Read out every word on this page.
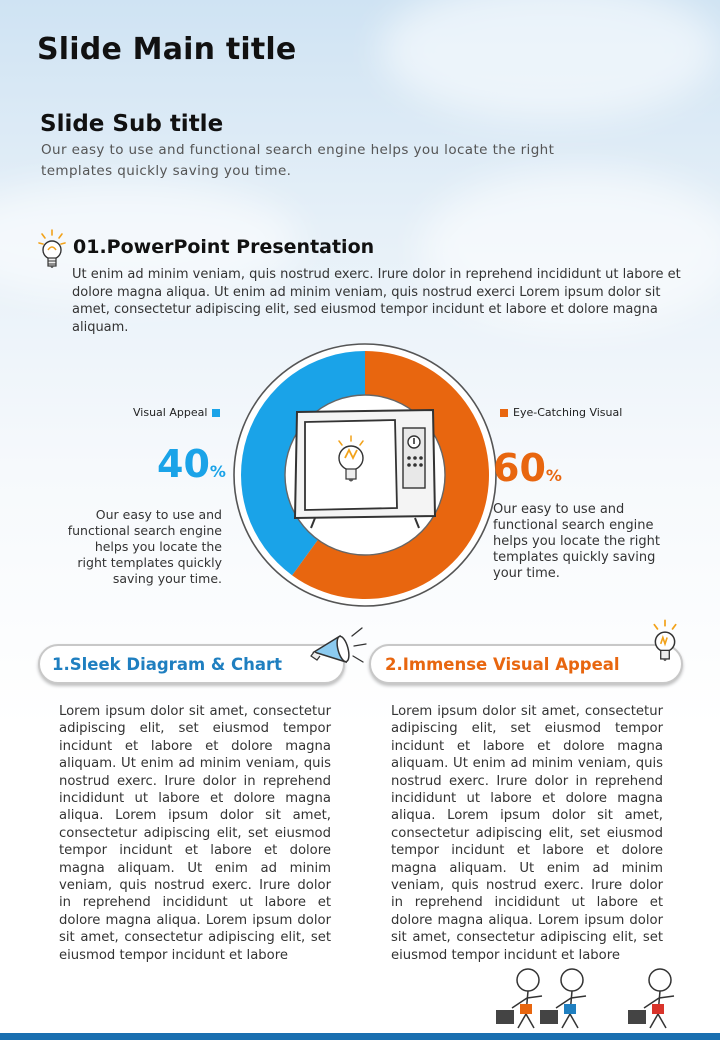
Slide Main title
Slide Sub title
Our easy to use and functional search engine helps you locate the right templates quickly saving you time.
01.PowerPoint Presentation
Ut enim ad minim veniam, quis nostrud exerc. Irure dolor in reprehend incididunt ut labore et dolore magna aliqua. Ut enim ad minim veniam, quis nostrud exerci Lorem ipsum dolor sit amet, consectetur adipiscing elit, sed eiusmod tempor incidunt et labore et dolore magna aliquam.
Visual Appeal
40%
Our easy to use and functional search engine helps you locate the right templates quickly saving your time.
Eye-Catching Visual
60%
Our easy to use and functional search engine helps you locate the right templates quickly saving your time.
1.Sleek Diagram & Chart	2.Immense Visual Appeal
Lorem ipsum dolor sit amet, consectetur adipiscing elit, set eiusmod tempor incidunt et labore et dolore magna aliquam. Ut enim ad minim veniam, quis nostrud exerc. Irure dolor in reprehend incididunt ut labore et dolore magna aliqua. Lorem ipsum dolor sit amet, consectetur adipiscing elit, set eiusmod tempor incidunt et labore et dolore magna aliquam. Ut enim ad minim veniam, quis nostrud exerc. Irure dolor in reprehend incididunt ut labore et dolore magna aliqua. Lorem ipsum dolor sit amet, consectetur adipiscing elit, set eiusmod tempor incidunt et labore
Lorem ipsum dolor sit amet, consectetur adipiscing elit, set eiusmod tempor incidunt et labore et dolore magna aliquam. Ut enim ad minim veniam, quis nostrud exerc. Irure dolor in reprehend incididunt ut labore et dolore magna aliqua. Lorem ipsum dolor sit amet, consectetur adipiscing elit, set eiusmod tempor incidunt et labore et dolore magna aliquam. Ut enim ad minim veniam, quis nostrud exerc. Irure dolor in reprehend incididunt ut labore et dolore magna aliqua. Lorem ipsum dolor sit amet, consectetur adipiscing elit, set eiusmod tempor incidunt et labore
